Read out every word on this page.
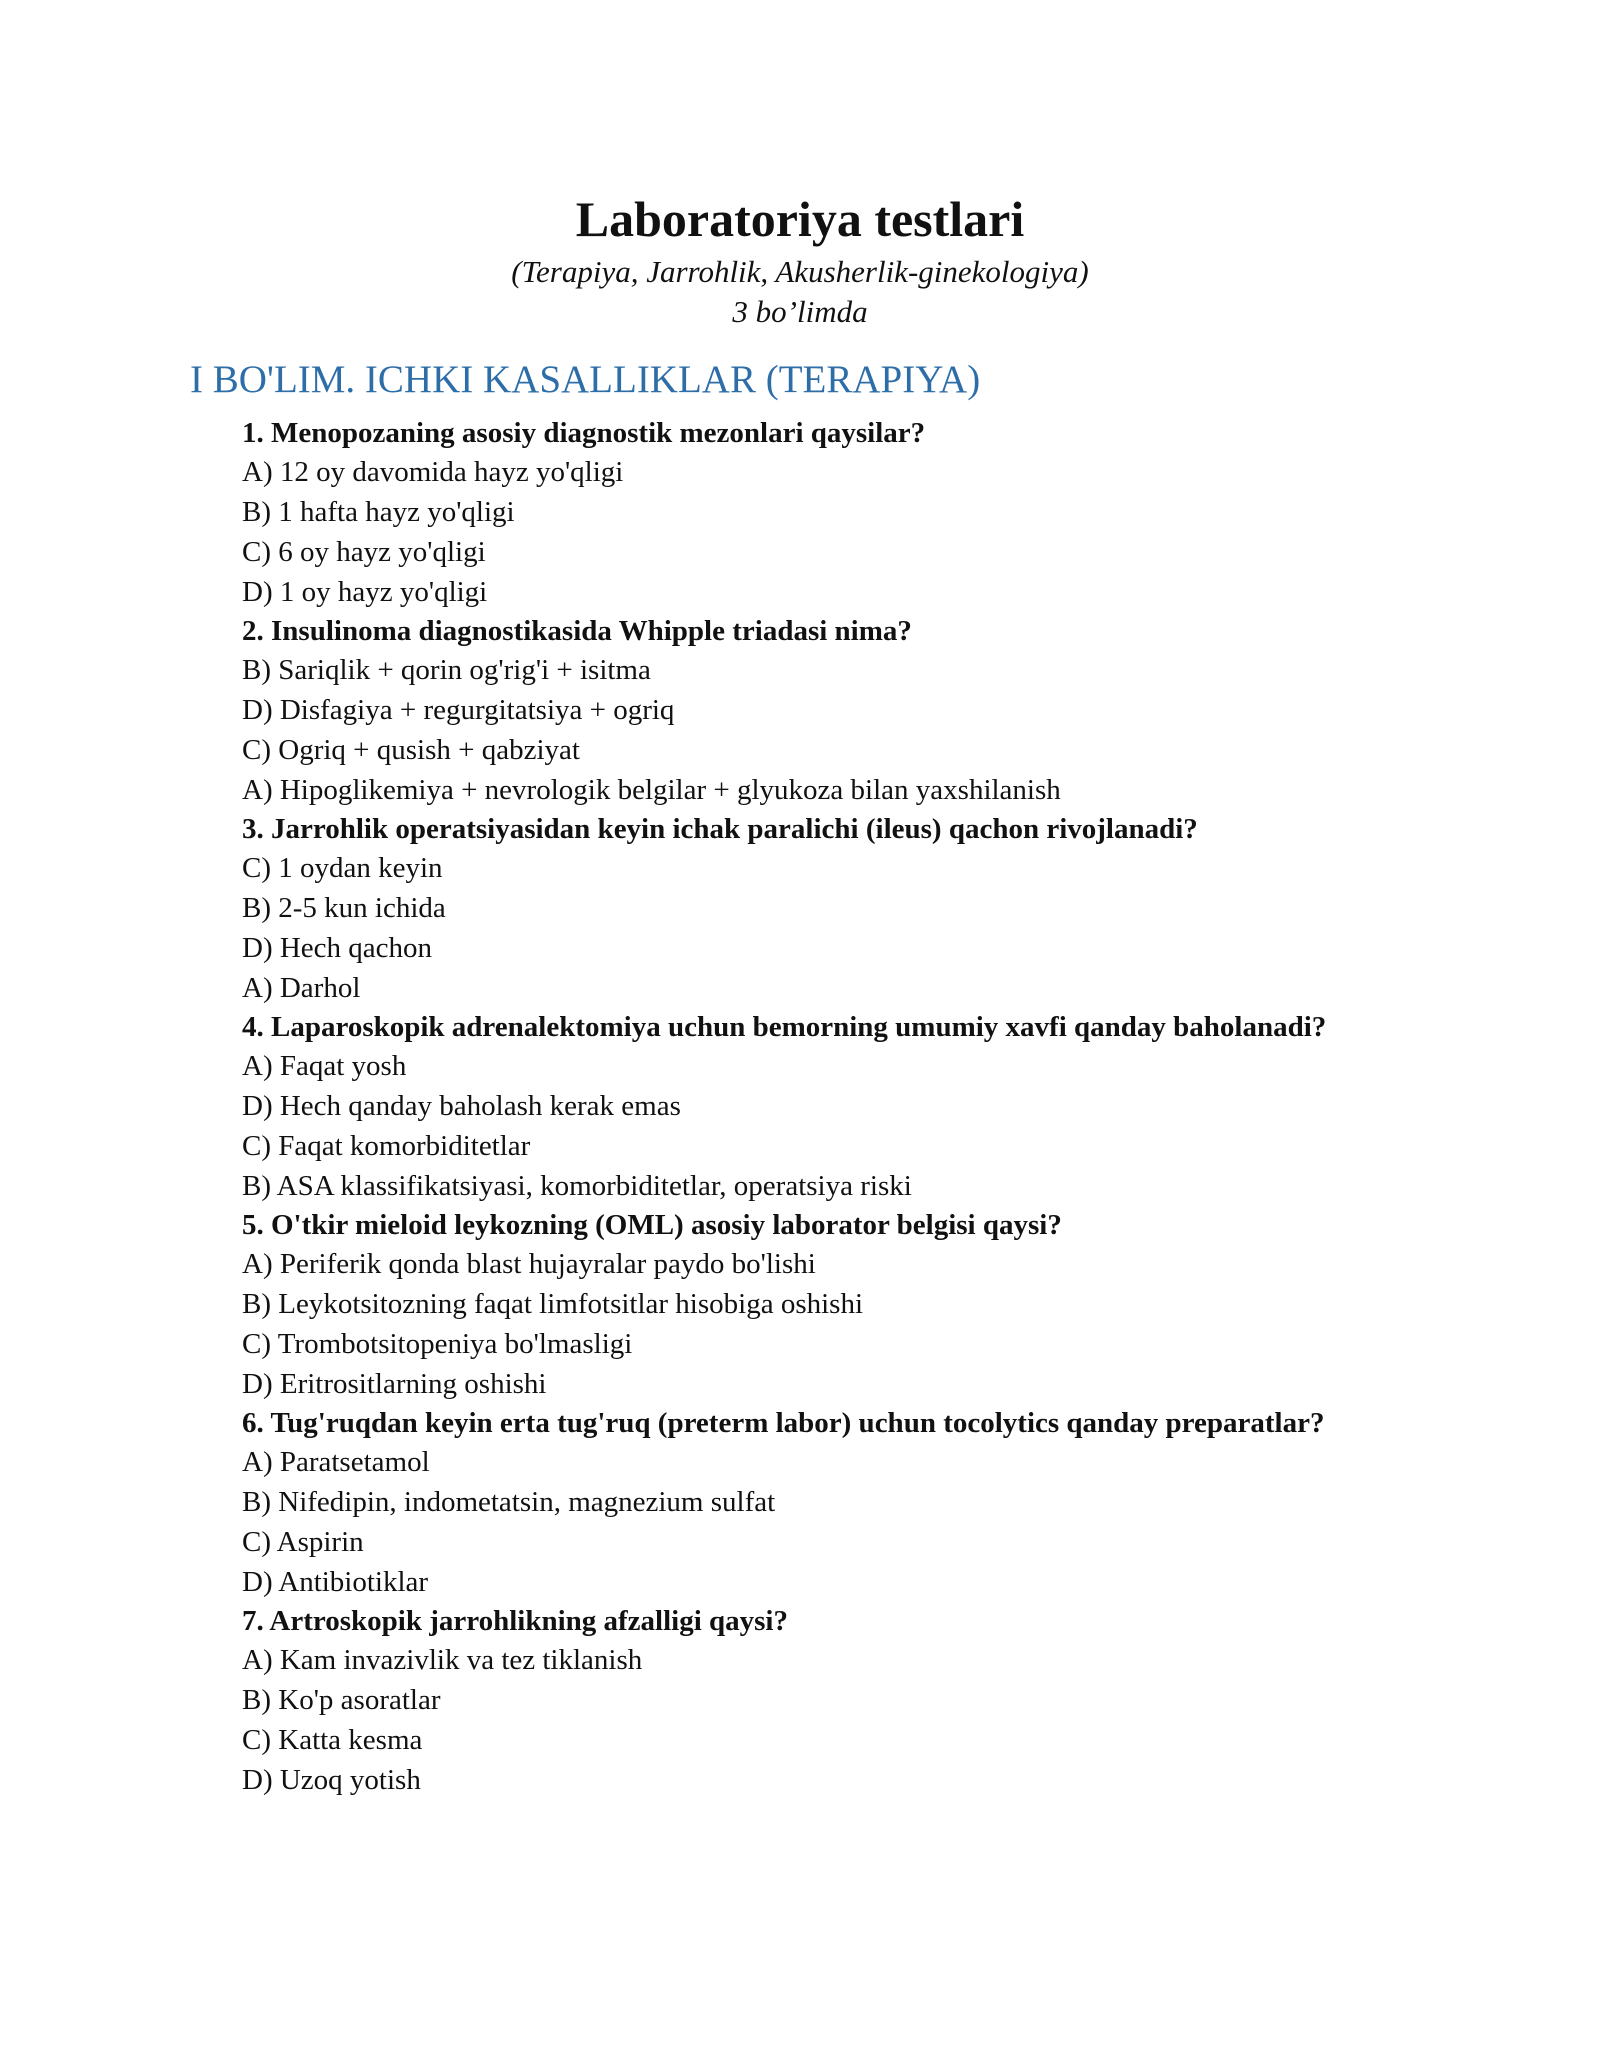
Laboratoriya testlari

(Terapiya, Jarrohlik, Akusherlik-ginekologiya)

3 bo’limda

I BO'LIM. ICHKI KASALLIKLAR (TERAPIYA)

1. Menopozaning asosiy diagnostik mezonlari qaysilar?

A) 12 oy davomida hayz yo'qligi

B) 1 hafta hayz yo'qligi

C) 6 oy hayz yo'qligi

D) 1 oy hayz yo'qligi

2. Insulinoma diagnostikasida Whipple triadasi nima?

B) Sariqlik + qorin og'rig'i + isitma

D) Disfagiya + regurgitatsiya + ogriq

C) Ogriq + qusish + qabziyat

A) Hipoglikemiya + nevrologik belgilar + glyukoza bilan yaxshilanish

3. Jarrohlik operatsiyasidan keyin ichak paralichi (ileus) qachon rivojlanadi?

C) 1 oydan keyin

B) 2-5 kun ichida

D) Hech qachon

A) Darhol

4. Laparoskopik adrenalektomiya uchun bemorning umumiy xavfi qanday baholanadi?

A) Faqat yosh

D) Hech qanday baholash kerak emas

C) Faqat komorbiditetlar

B) ASA klassifikatsiyasi, komorbiditetlar, operatsiya riski

5. O'tkir mieloid leykozning (OML) asosiy laborator belgisi qaysi?

A) Periferik qonda blast hujayralar paydo bo'lishi

B) Leykotsitozning faqat limfotsitlar hisobiga oshishi

C) Trombotsitopeniya bo'lmasligi

D) Eritrositlarning oshishi

6. Tug'ruqdan keyin erta tug'ruq (preterm labor) uchun tocolytics qanday preparatlar?

A) Paratsetamol

B) Nifedipin, indometatsin, magnezium sulfat

C) Aspirin

D) Antibiotiklar

7. Artroskopik jarrohlikning afzalligi qaysi?

A) Kam invazivlik va tez tiklanish

B) Ko'p asoratlar

C) Katta kesma

D) Uzoq yotish
